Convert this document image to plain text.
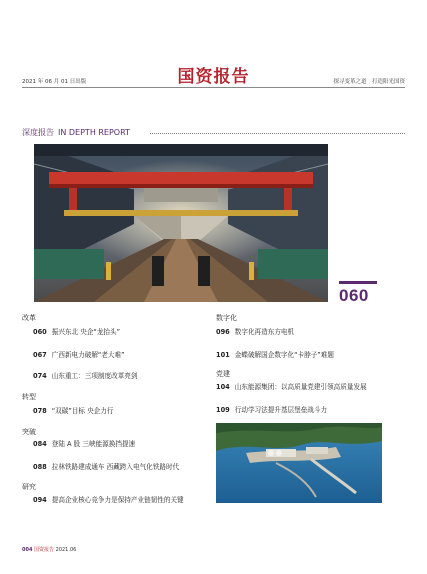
2021 年 06 月 01 日出版	国资报告	探寻变革之道　打造阳光国资
深度报告 IN DEPTH REPORT
060
改革
060 振兴东北 央企“龙抬头”
067 广西新电力破解“老大难”
074 山东重工：三项制度改革亮剑
转型
078 “双碳”目标 央企力行
突破
084 登陆 A 股 三峡能源换挡提速
088 拉林铁路建成通车 西藏跨入电气化铁路时代
研究
094 提高企业核心竞争力是保持产业链韧性的关键
数字化
096 数字化再造东方电机
101 金蝶破解国企数字化“卡脖子”难题
党建
104 山东能源集团：以高质量党建引领高质量发展
109 行动学习法提升基层堡垒战斗力
004 国资报告 2021.06
